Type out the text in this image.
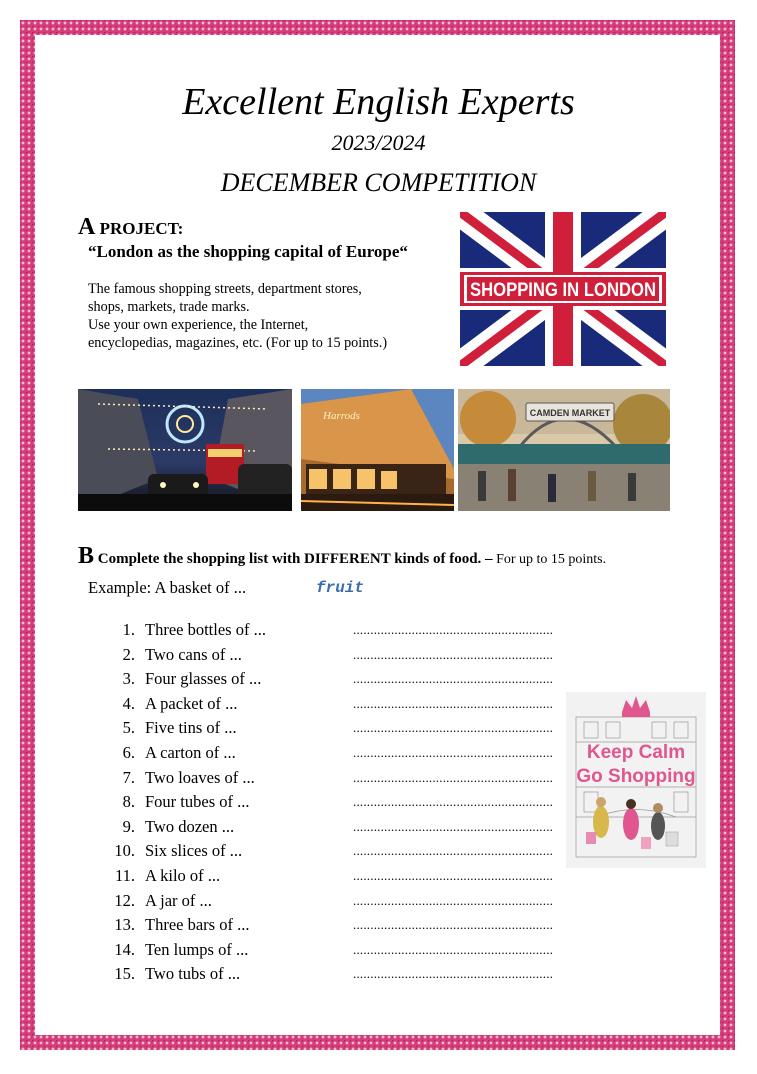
Excellent English Experts
2023/2024
DECEMBER COMPETITION
A PROJECT:
“London as the shopping capital of Europe“
The famous shopping streets, department stores,
shops, markets, trade marks.
Use your own experience, the Internet,
encyclopedias, magazines, etc. (For up to 15 points.)
SHOPPING IN LONDON
Harrods	CAMDEN MARKET
B Complete the shopping list with DIFFERENT kinds of food. – For up to 15 points.
Example: A basket of ...	fruit
1. Three bottles of ...	..........................................................
2. Two cans of ...	..........................................................
3. Four glasses of ...	..........................................................
4. A packet of ...	..........................................................
5. Five tins of ...	..........................................................
6. A carton of ...	..........................................................
7. Two loaves of ...	..........................................................
8. Four tubes of ...	..........................................................
9. Two dozen ...	..........................................................
10. Six slices of ...	..........................................................
11. A kilo of ...	..........................................................
12. A jar of ...	..........................................................
13. Three bars of ...	..........................................................
14. Ten lumps of ...	..........................................................
15. Two tubs of ...	..........................................................
Keep Calm
Go Shopping
